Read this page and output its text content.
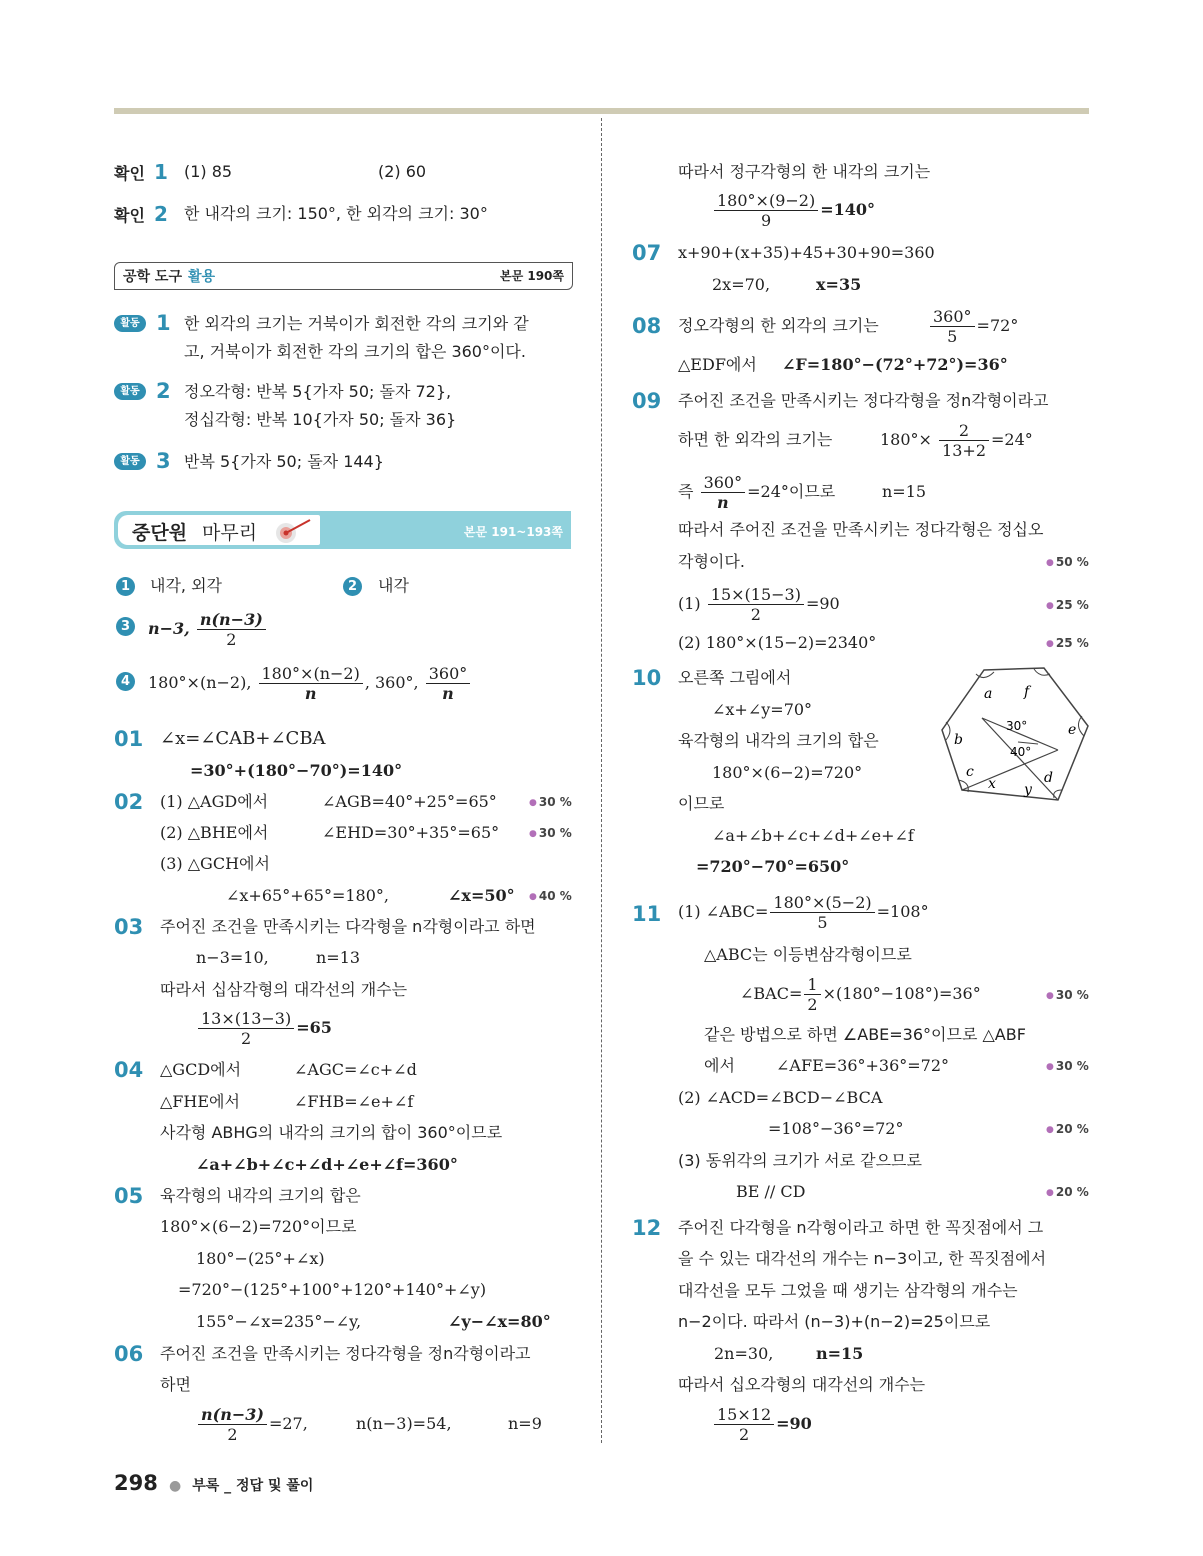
확인 1 (1) 85	(2) 60
확인 2 한 내각의 크기: 150°, 한 외각의 크기: 30°
공학 도구 활용	본문 190쪽
활동 1 한 외각의 크기는 거북이가 회전한 각의 크기와 같
고, 거북이가 회전한 각의 크기의 합은 360°이다.
활동 2 정오각형: 반복 5{가자 50; 돌자 72},
정십각형: 반복 10{가자 50; 돌자 36}
활동 3 반복 5{가자 50; 돌자 144}
중단원 마무리	본문 191~193쪽
1	내각, 외각	2	내각
3	n−3, $\frac{n(n-3)}{2}$
4	180°×(n−2), $\frac{180^\circ\times(n-2)}{n}$ , 360°, $\frac{360^\circ}{n}$
01 ∠x=∠CAB+∠CBA
=30°+(180°−70°)=140°
02 (1) △AGD에서	∠AGB=40°+25°=65°	● 30 %
(2) △BHE에서	∠EHD=30°+35°=65°	● 30 %
(3) △GCH에서
∠x+65°+65°=180°,	∠x=50°	● 40 %
03 주어진 조건을 만족시키는 다각형을 n각형이라고 하면
n−3=10,	n=13
따라서 십삼각형의 대각선의 개수는
$\frac{13\times(13-3)}{2} =65$
04 △GCD에서	∠AGC=∠c+∠d
△FHE에서	∠FHB=∠e+∠f
사각형 ABHG의 내각의 크기의 합이 360°이므로
∠a+∠b+∠c+∠d+∠e+∠f=360°
05 육각형의 내각의 크기의 합은
180°×(6−2)=720°이므로
180°−(25°+∠x)
=720°−(125°+100°+120°+140°+∠y)
155°−∠x=235°−∠y,	∠y−∠x=80°
06 주어진 조건을 만족시키는 정다각형을 정n각형이라고
하면
$\frac{n(n-3)}{2} =27$,	n(n−3)=54,	n=9
따라서 정구각형의 한 내각의 크기는
$\frac{180^\circ\times(9-2)}{9} =140^\circ$
07 x+90+(x+35)+45+30+90=360
2x=70,	x=35
08 정오각형의 한 외각의 크기는	$\frac{360^\circ}{5} =72^\circ$
△EDF에서 ∠F=180°−(72°+72°)=36°
09 주어진 조건을 만족시키는 정다각형을 정n각형이라고
하면 한 외각의 크기는	$180^\circ\times \frac{2}{13+2} =24^\circ$
즉 $\frac{360^\circ}{n} =24^\circ$이므로	n=15
따라서 주어진 조건을 만족시키는 정다각형은 정십오
각형이다.	● 50 %
$(1) \frac{15\times(15-3)}{2} =90$	● 25 %
(2) 180°×(15−2)=2340°	● 25 %
10 오른쪽 그림에서
∠x+∠y=70°
육각형의 내각의 크기의 합은
180°×(6−2)=720°
이므로
∠a+∠b+∠c+∠d+∠e+∠f
=720°−70°=650°
a f
b
e
c	d
x y
30°
40°
11 (1) ∠ABC= $\frac{180^\circ\times(5-2)}{5} =108^\circ$
△ABC는 이등변삼각형이므로
∠BAC= $\frac{1}{2} \times(180^\circ-108^\circ)=36^\circ$	● 30 %
같은 방법으로 하면 ∠ABE=36°이므로 △ABF
에서	∠AFE=36°+36°=72°	● 30 %
(2) ∠ACD=∠BCD−∠BCA
=108°−36°=72°	● 20 %
(3) 동위각의 크기가 서로 같으므로
BE // CD	● 20 %
12 주어진 다각형을 n각형이라고 하면 한 꼭짓점에서 그
을 수 있는 대각선의 개수는 n−3이고, 한 꼭짓점에서
대각선을 모두 그었을 때 생기는 삼각형의 개수는
n−2이다. 따라서 (n−3)+(n−2)=25이므로
2n=30,	n=15
따라서 십오각형의 대각선의 개수는
$\frac{15\times 12}{2} =90$
298 ● 부록 _ 정답 및 풀이
